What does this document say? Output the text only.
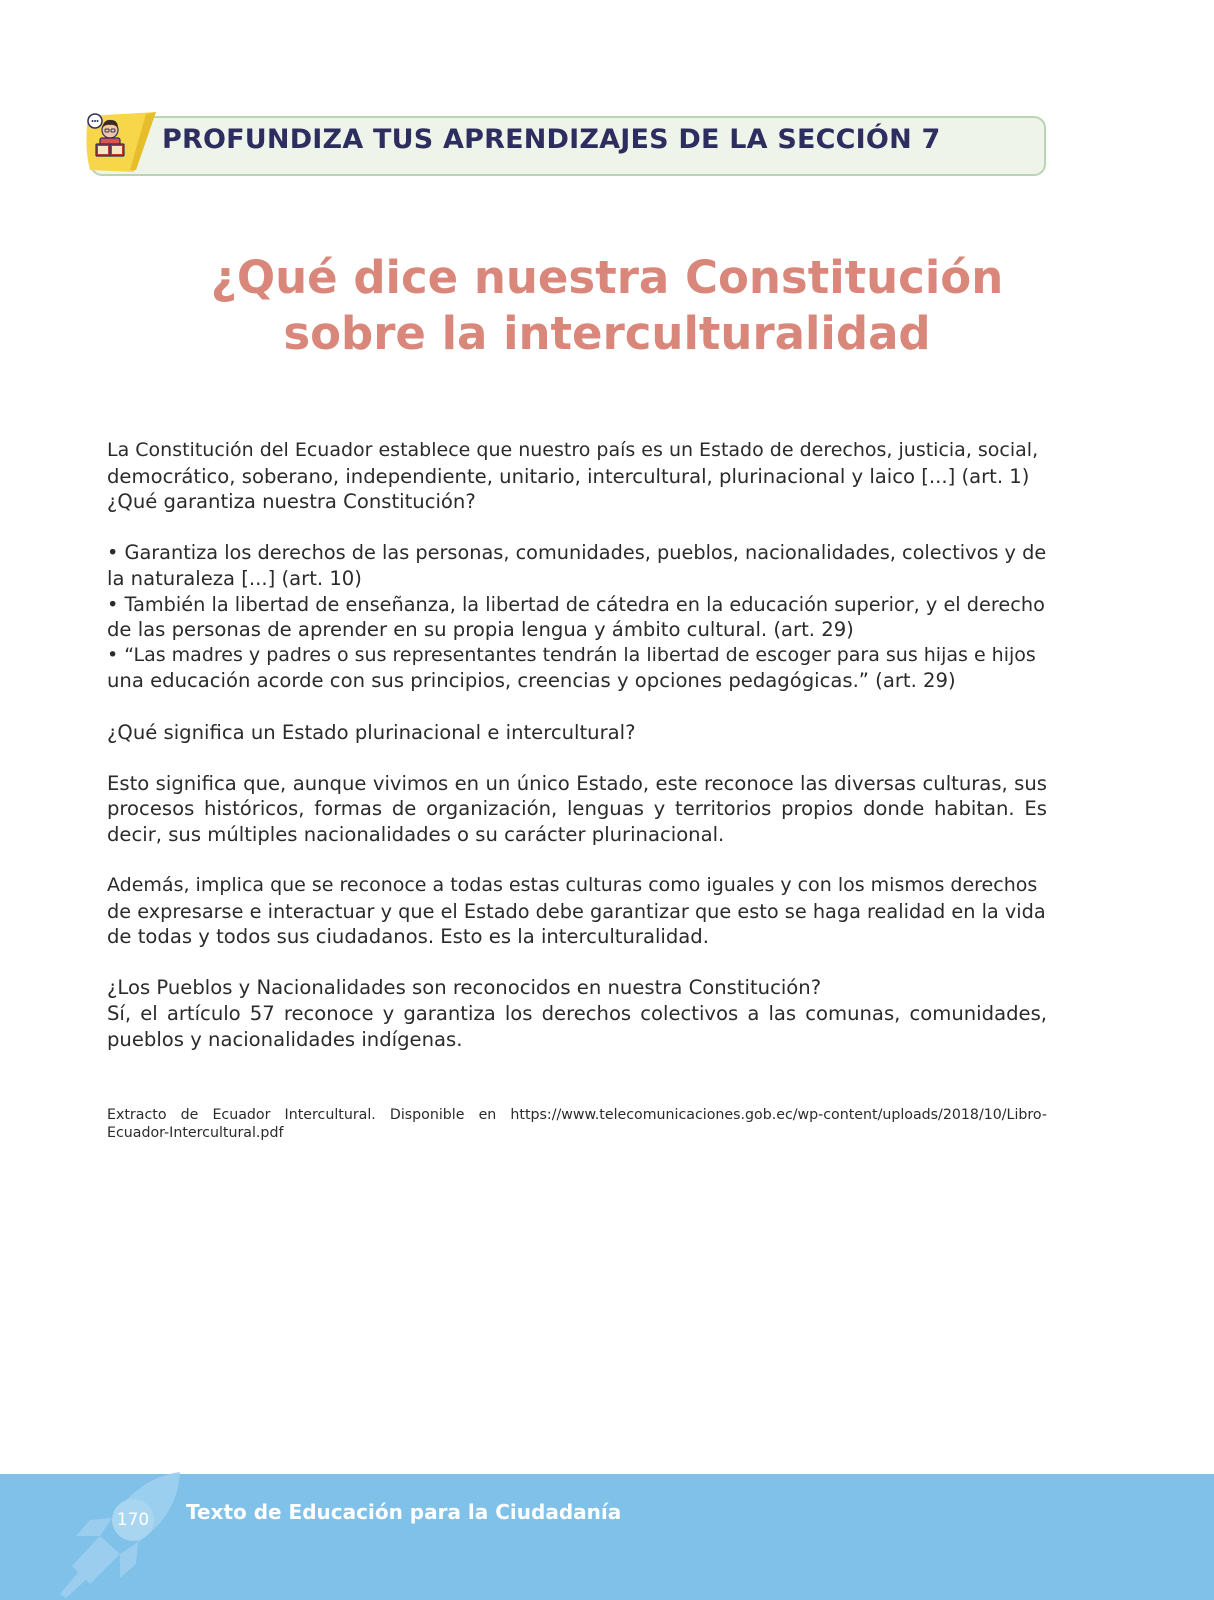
PROFUNDIZA TUS APRENDIZAJES DE LA SECCIÓN 7
¿Qué dice nuestra Constitución
sobre la interculturalidad

La Constitución del Ecuador establece que nuestro país es un Estado de derechos, justicia, social,
democrático, soberano, independiente, unitario, intercultural, plurinacional y laico [...] (art. 1)
¿Qué garantiza nuestra Constitución?

• Garantiza los derechos de las personas, comunidades, pueblos, nacionalidades, colectivos y de
la naturaleza [...] (art. 10)
• También la libertad de enseñanza, la libertad de cátedra en la educación superior, y el derecho
de las personas de aprender en su propia lengua y ámbito cultural. (art. 29)
• “Las madres y padres o sus representantes tendrán la libertad de escoger para sus hijas e hijos
una educación acorde con sus principios, creencias y opciones pedagógicas.” (art. 29)

¿Qué significa un Estado plurinacional e intercultural?

Esto significa que, aunque vivimos en un único Estado, este reconoce las diversas culturas, sus
procesos históricos, formas de organización, lenguas y territorios propios donde habitan. Es
decir, sus múltiples nacionalidades o su carácter plurinacional.

Además, implica que se reconoce a todas estas culturas como iguales y con los mismos derechos
de expresarse e interactuar y que el Estado debe garantizar que esto se haga realidad en la vida
de todas y todos sus ciudadanos. Esto es la interculturalidad.

¿Los Pueblos y Nacionalidades son reconocidos en nuestra Constitución?
Sí, el artículo 57 reconoce y garantiza los derechos colectivos a las comunas, comunidades,
pueblos y nacionalidades indígenas.

Extracto de Ecuador Intercultural. Disponible en https://www.telecomunicaciones.gob.ec/wp-content/uploads/2018/10/Libro-
Ecuador-Intercultural.pdf
170 Texto de Educación para la Ciudadanía
